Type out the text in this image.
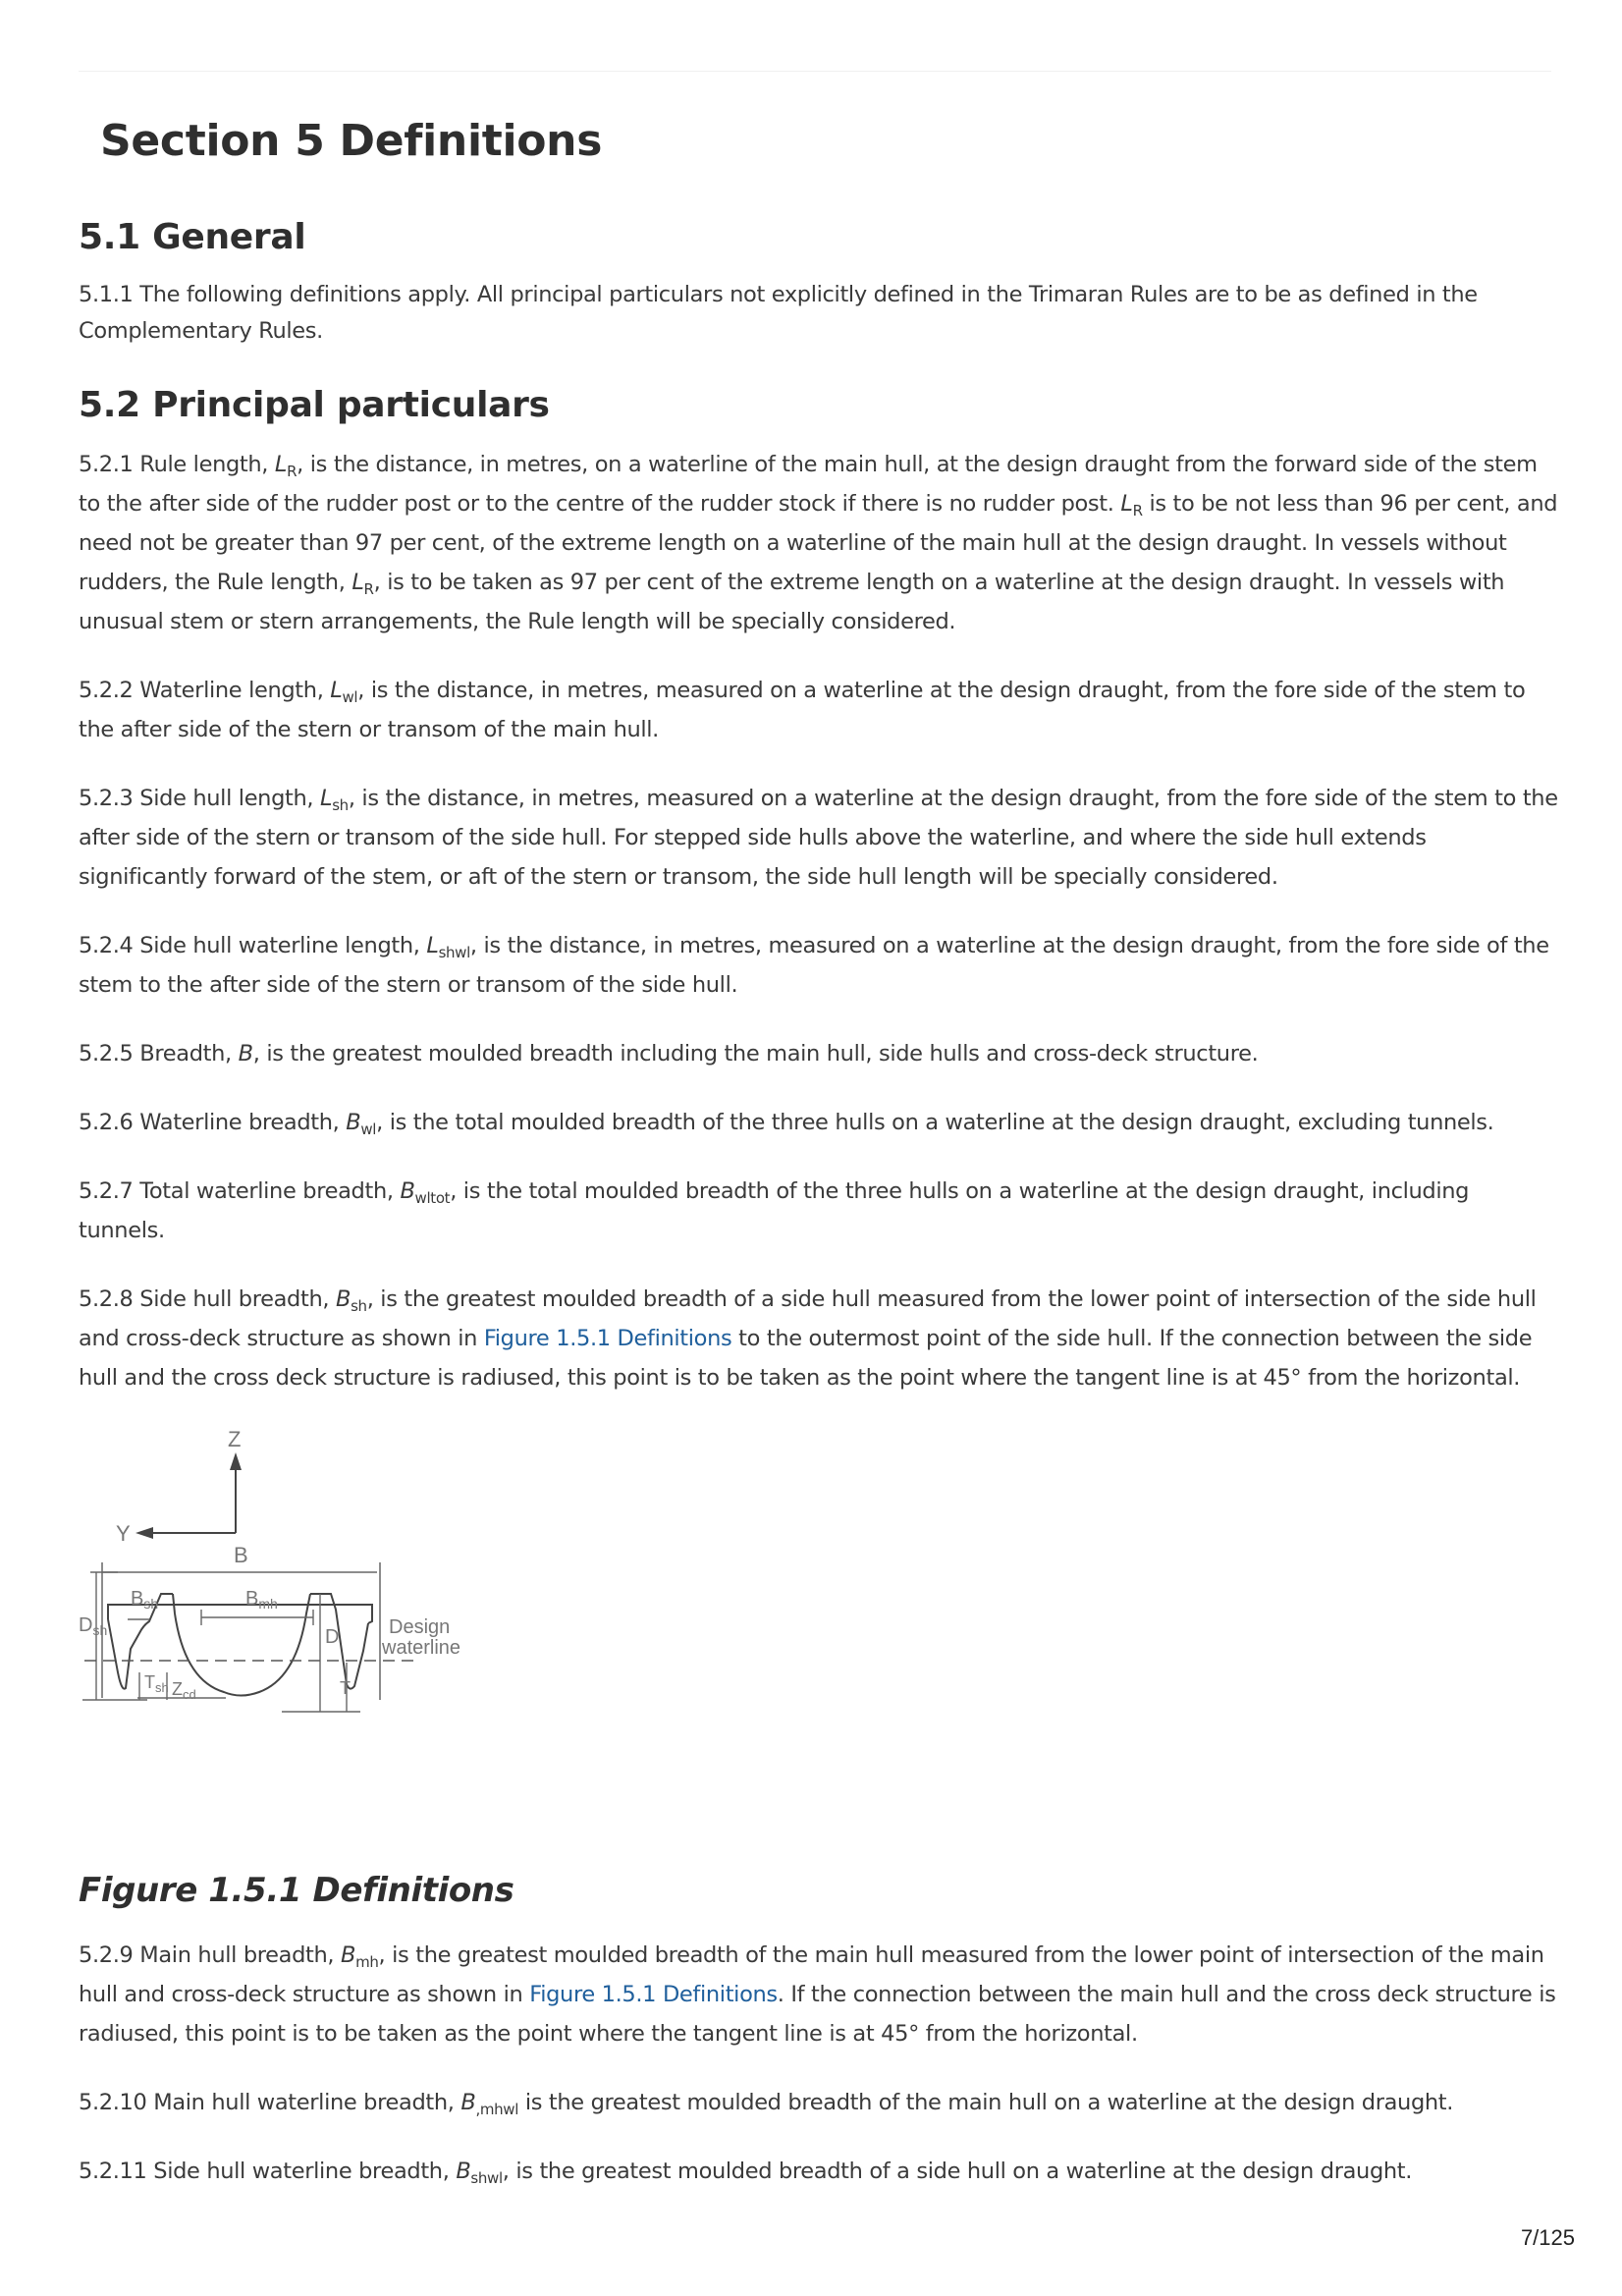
Section 5 Definitions
5.1 General

5.1.1 The following definitions apply. All principal particulars not explicitly defined in the Trimaran Rules are to be as defined in the Complementary Rules.

5.2 Principal particulars

5.2.1 Rule length, $L_R$, is the distance, in metres, on a waterline of the main hull, at the design draught from the forward side of the stem to the after side of the rudder post or to the centre of the rudder stock if there is no rudder post. $L_R$ is to be not less than 96 per cent, and need not be greater than 97 per cent, of the extreme length on a waterline of the main hull at the design draught. In vessels without rudders, the Rule length, $L_R$, is to be taken as 97 per cent of the extreme length on a waterline at the design draught. In vessels with unusual stem or stern arrangements, the Rule length will be specially considered.

5.2.2 Waterline length, $L_{wl}$, is the distance, in metres, measured on a waterline at the design draught, from the fore side of the stem to the after side of the stern or transom of the main hull.

5.2.3 Side hull length, $L_{sh}$, is the distance, in metres, measured on a waterline at the design draught, from the fore side of the stem to the after side of the stern or transom of the side hull. For stepped side hulls above the waterline, and where the side hull extends significantly forward of the stem, or aft of the stern or transom, the side hull length will be specially considered.

5.2.4 Side hull waterline length, $L_{shwl}$, is the distance, in metres, measured on a waterline at the design draught, from the fore side of the stem to the after side of the stern or transom of the side hull.

5.2.5 Breadth, B, is the greatest moulded breadth including the main hull, side hulls and cross-deck structure.

5.2.6 Waterline breadth, $B_{wl}$, is the total moulded breadth of the three hulls on a waterline at the design draught, excluding tunnels.

5.2.7 Total waterline breadth, $B_{wltot}$, is the total moulded breadth of the three hulls on a waterline at the design draught, including tunnels.

5.2.8 Side hull breadth, $B_{sh}$, is the greatest moulded breadth of a side hull measured from the lower point of intersection of the side hull and cross-deck structure as shown in Figure 1.5.1 Definitions to the outermost point of the side hull. If the connection between the side hull and the cross deck structure is radiused, this point is to be taken as the point where the tangent line is at 45° from the horizontal.

Z
Y
B
$B_{sh}$	$B_{mh}$
$D_{sh}$	D	Design
waterline
$T_{sh}$ $Z_{cd}$	T
Figure 1.5.1 Definitions

5.2.9 Main hull breadth, $B_{mh}$, is the greatest moulded breadth of the main hull measured from the lower point of intersection of the main hull and cross-deck structure as shown in Figure 1.5.1 Definitions. If the connection between the main hull and the cross deck structure is radiused, this point is to be taken as the point where the tangent line is at 45° from the horizontal.

5.2.10 Main hull waterline breadth, $B_{,mhwl}$ is the greatest moulded breadth of the main hull on a waterline at the design draught.

5.2.11 Side hull waterline breadth, $B_{shwl}$, is the greatest moulded breadth of a side hull on a waterline at the design draught.

7/125
